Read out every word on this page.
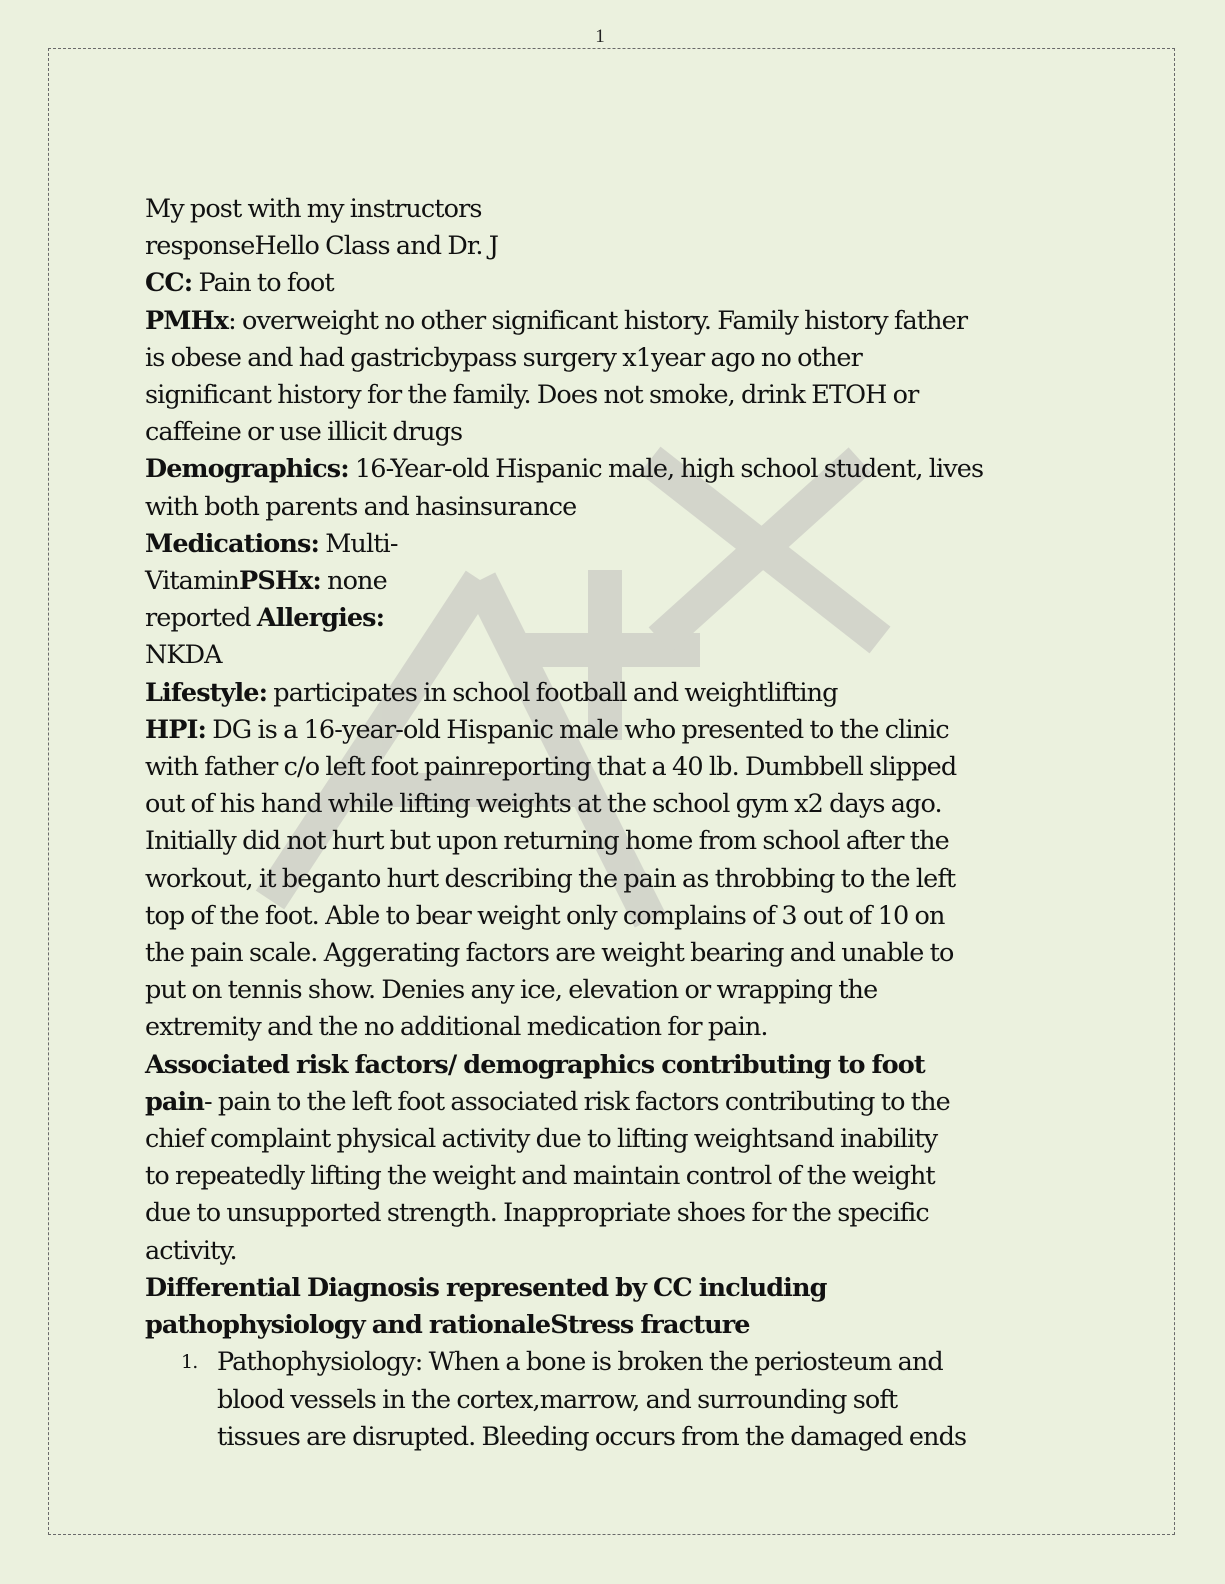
1

My post with my instructors

responseHello Class and Dr. J

CC: Pain to foot

PMHx: overweight no other significant history. Family history father

is obese and had gastricbypass surgery x1year ago no other

significant history for the family. Does not smoke, drink ETOH or

caffeine or use illicit drugs

Demographics: 16-Year-old Hispanic male, high school student, lives

with both parents and hasinsurance

Medications: Multi-

VitaminPSHx: none

reported Allergies:

NKDA

Lifestyle: participates in school football and weightlifting

HPI: DG is a 16-year-old Hispanic male who presented to the clinic

with father c/o left foot painreporting that a 40 lb. Dumbbell slipped

out of his hand while lifting weights at the school gym x2 days ago.

Initially did not hurt but upon returning home from school after the

workout, it beganto hurt describing the pain as throbbing to the left

top of the foot. Able to bear weight only complains of 3 out of 10 on

the pain scale. Aggerating factors are weight bearing and unable to

put on tennis show. Denies any ice, elevation or wrapping the

extremity and the no additional medication for pain.

Associated risk factors/ demographics contributing to foot

pain- pain to the left foot associated risk factors contributing to the

chief complaint physical activity due to lifting weightsand inability

to repeatedly lifting the weight and maintain control of the weight

due to unsupported strength. Inappropriate shoes for the specific

activity.

Differential Diagnosis represented by CC including

pathophysiology and rationaleStress fracture

1. Pathophysiology: When a bone is broken the periosteum and

blood vessels in the cortex,marrow, and surrounding soft

tissues are disrupted. Bleeding occurs from the damaged ends
